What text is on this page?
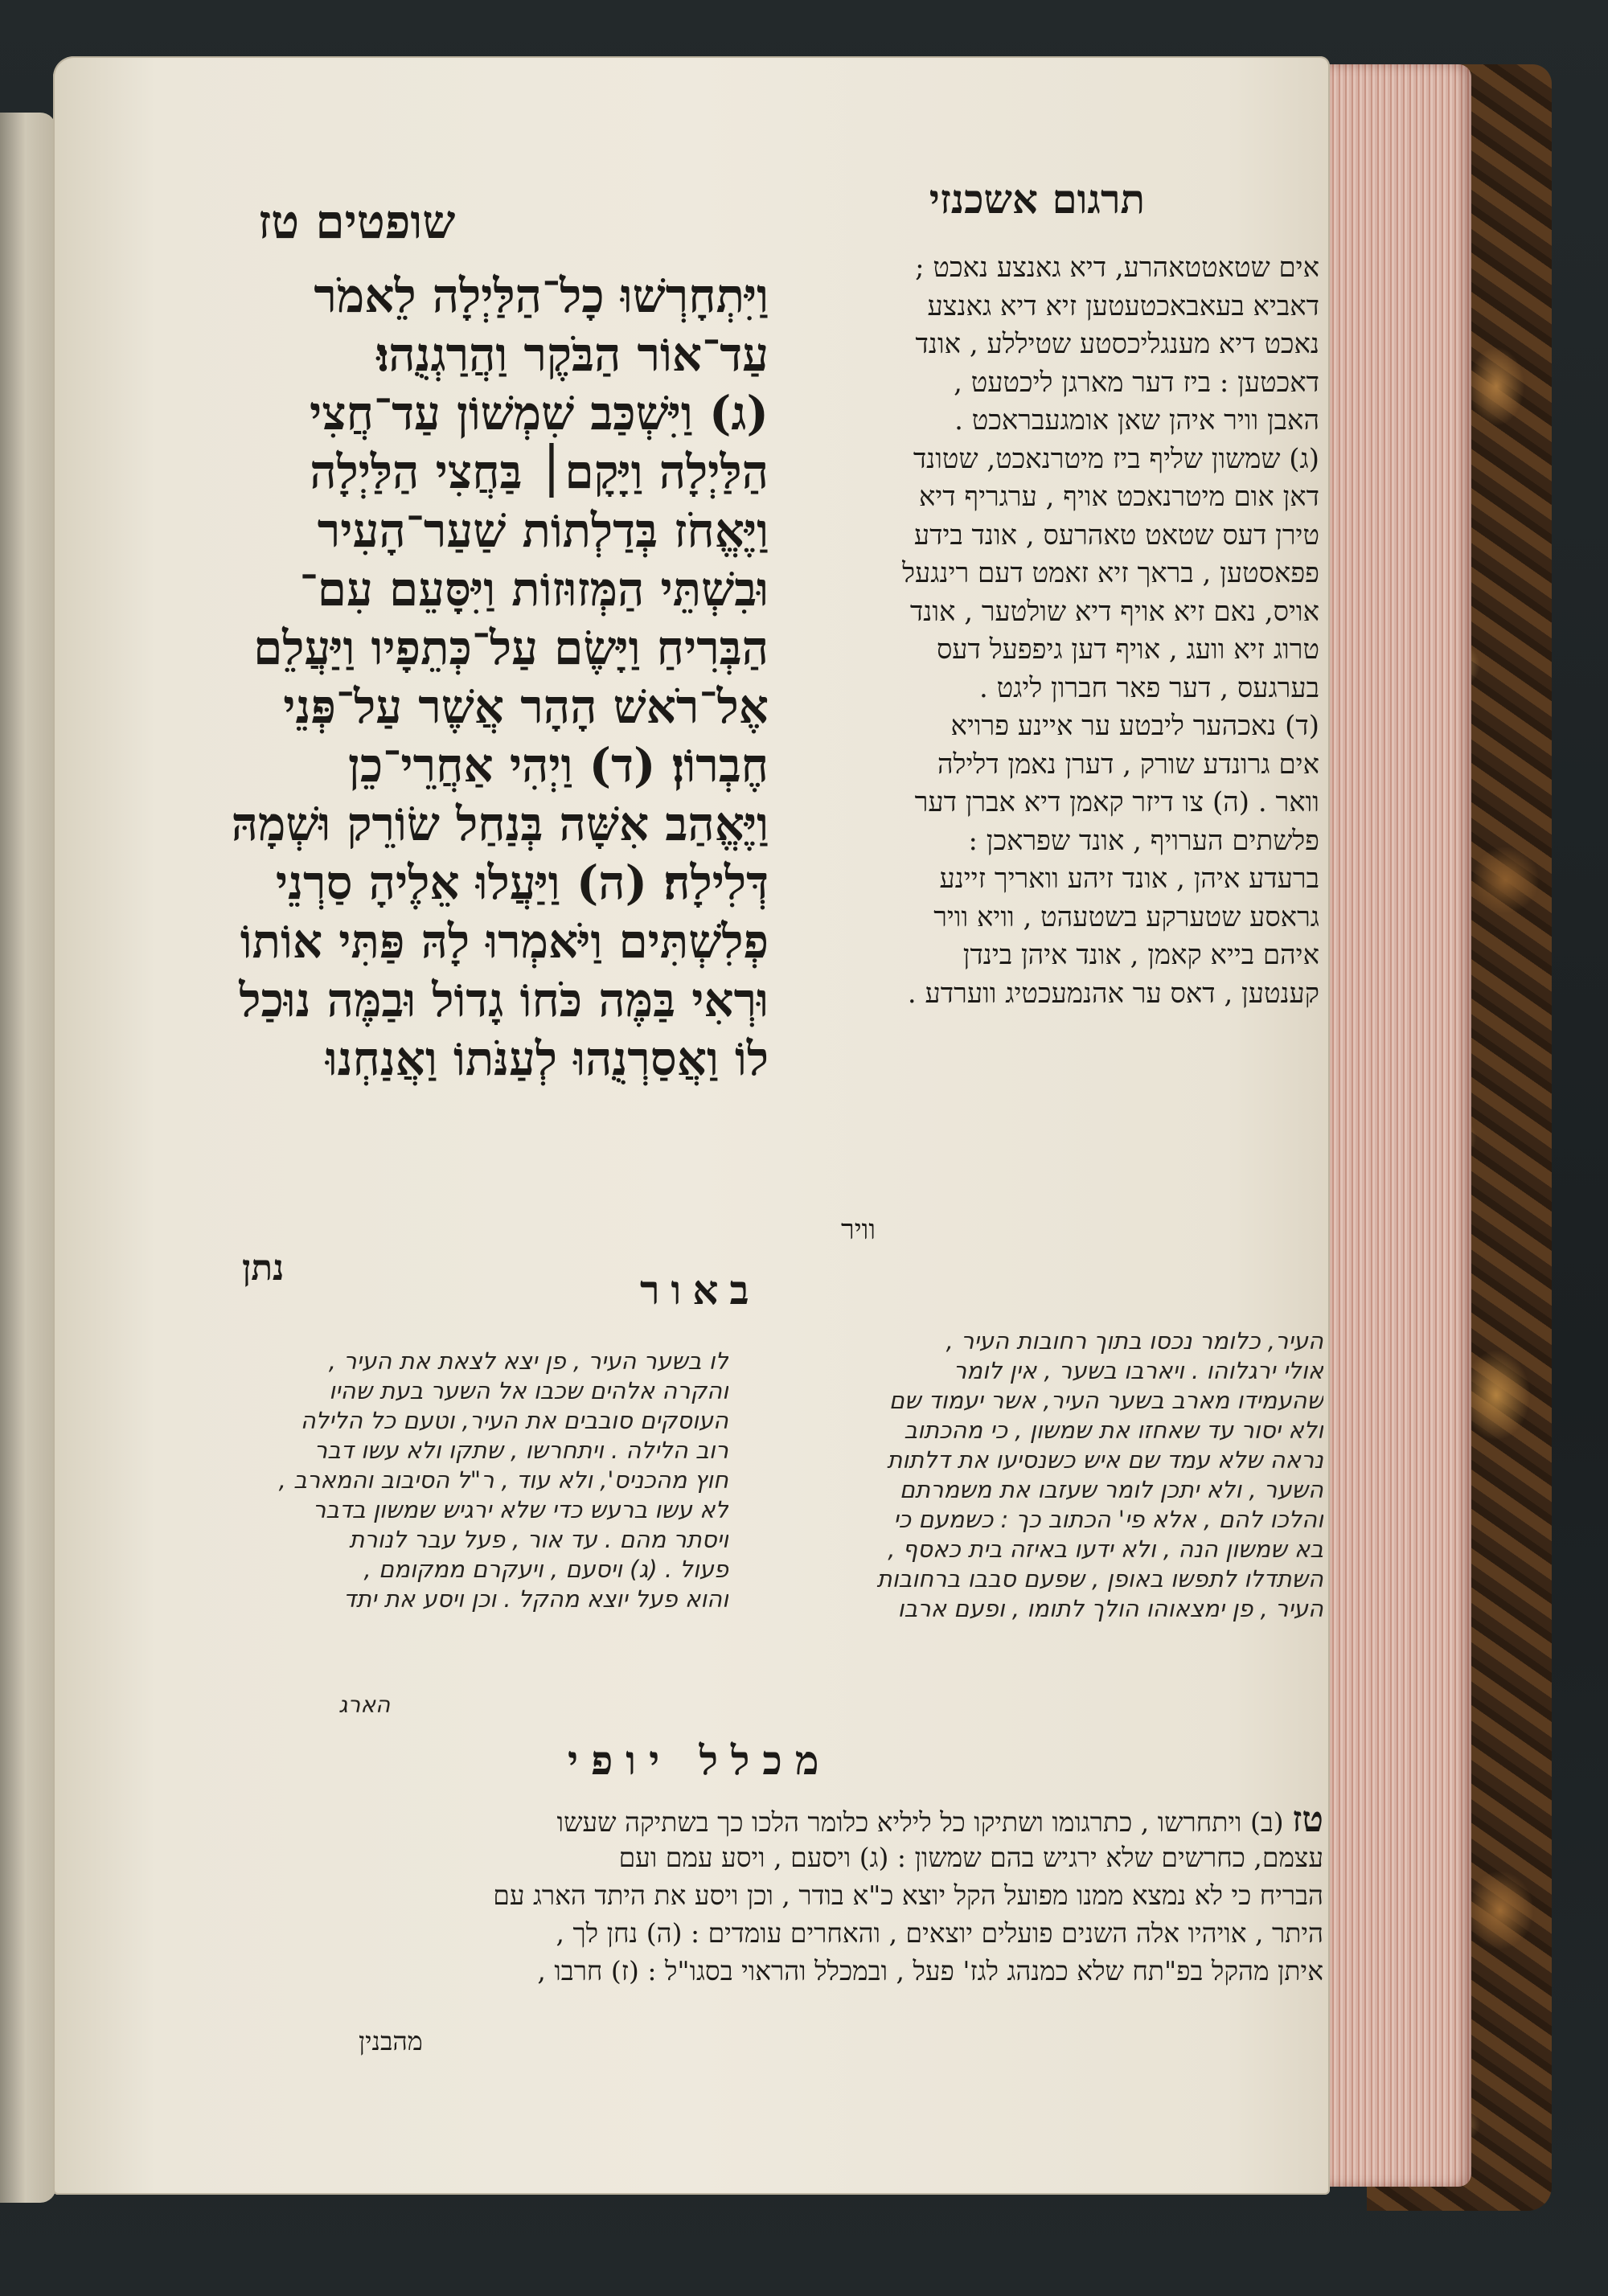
תרגום אשכנזי
שופטים טז
וַיִּתְחָרְשׁוּ כָל־הַלַּיְלָה לֵאמֹר
עַד־אוֹר הַבֹּקֶר וַהֲרַגְנֻהוּ׃
(ג) וַיִּשְׁכַּב שִׁמְשׁוֹן עַד־חֲצִי
הַלַּיְלָה וַיָּקָם׀ בַּחֲצִי הַלַּיְלָה
וַיֶּאֱחֹז בְּדַלְתוֹת שַׁעַר־הָעִיר
וּבִשְׁתֵּי הַמְּזוּזוֹת וַיִּסָּעֵם עִם־
הַבְּרִיחַ וַיָּשֶׂם עַל־כְּתֵפָיו וַיַּעֲלֵם
אֶל־רֹאשׁ הָהָר אֲשֶׁר עַל־פְּנֵי
חֶבְרוֹן׃ (ד) וַיְהִי אַחֲרֵי־כֵן
וַיֶּאֱהַב אִשָּׁה בְּנַחַל שׂוֹרֵק וּשְׁמָהּ
דְּלִילָה׃ (ה) וַיַּעֲלוּ אֵלֶיהָ סַרְנֵי
פְלִשְׁתִּים וַיֹּאמְרוּ לָהּ פַּתִּי אוֹתוֹ
וּרְאִי בַּמֶּה כֹּחוֹ גָדוֹל וּבַמֶּה נוּכַל
לוֹ וַאֲסַרְנֻהוּ לְעַנֹּתוֹ וַאֲנַחְנוּ
נתן
אים שטאטטאהרע, דיא גאנצע נאכט ;
דאביא בעאבאכטעטען זיא דיא גאנצע
נאכט דיא מענגליכסטע שטיללע , אונד
דאכטען : ביז דער מארגן ליכטעט ,
האבן וויר איהן שאן אומגעבראכט .
(ג) שמשון שליף ביז מיטרנאכט, שטונד
דאן אום מיטרנאכט אויף , ערגריף דיא
טירן דעס שטאט טאהרעס , אונד בידע
פפאסטען , בראך זיא זאמט דעם רינגעל
אויס, נאם זיא אויף דיא שולטער , אונד
טרוג זיא וועג , אויף דען גיפפעל דעס
בערגעס , דער פאר חברון ליגט .
(ד) נאכהער ליבטע ער איינע פרויא
אים גרונדע שורק , דערן נאמן דלילה
וואר . (ה) צו דיזר קאמן דיא אברן דער
פלשתים הערויף , אונד שפראכן :
ברעדע איהן , אונד זיהע וואריך זיינע
גראסע שטערקע בשטעהט , וויא וויר
איהם בייא קאמן , אונד איהן בינדן
קענטען , דאס ער אהנמעכטיג ווערדע .
וויר
באור
העיר, כלומר נכסו בתוך רחובות העיר ,
אולי ירגלוהו . ויארבו בשער , אין לומר
שהעמידו מארב בשער העיר, אשר יעמוד שם
ולא יסור עד שאחזו את שמשון , כי מהכתוב
נראה שלא עמד שם איש כשנסיעו את דלתות
השער , ולא יתכן לומר שעזבו את משמרתם
והלכו להם , אלא פי' הכתוב כך : כשמעם כי
בא שמשון הנה , ולא ידעו באיזה בית כאסף ,
השתדלו לתפשו באופן , שפעם סבבו ברחובות
העיר , פן ימצאוהו הולך לתומו , ופעם ארבו
לו בשער העיר , פן יצא לצאת את העיר ,
והקרה אלהים שכבו אל השער בעת שהיו
העוסקים סובבים את העיר, וטעם כל הלילה
רוב הלילה . ויתחרשו , שתקו ולא עשו דבר
חוץ מהכניס', ולא עוד , ר"ל הסיבוב והמארב ,
לא עשו ברעש כדי שלא ירגיש שמשון בדבר
ויסתר מהם . עד אור , פעל עבר לנורת
פעול . (ג) ויסעם , ויעקרם ממקומם ,
והוא פעל יוצא מהקל . וכן ויסע את יתד
הארג
מכלל יופי
טז (ב) ויתחרשו , כתרגומו ושתיקו כל ליליא כלומר הלכו כך בשתיקה שעשו
עצמם, כחרשים שלא ירגיש בהם שמשון : (ג) ויסעם , ויסע עמם ועם
הבריח כי לא נמצא ממנו מפועל הקל יוצא כ"א בודר , וכן ויסע את היתד הארג עם
היתר , אויהיו אלה השנים פועלים יוצאים , והאחרים עומדים : (ה) נחן לך ,
איתן מהקל בפ"תח שלא כמנהג לגז' פעל , ובמכלל והראוי בסגו"ל : (ז) חרבו ,
מהבנין
